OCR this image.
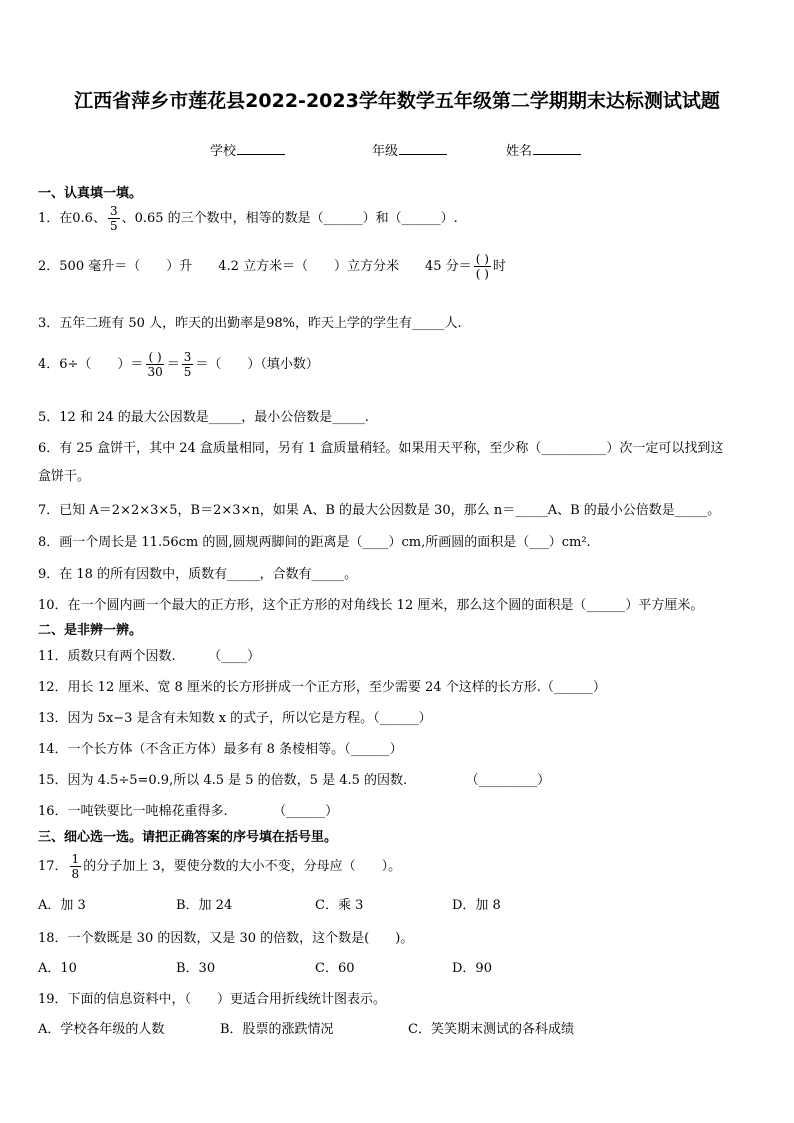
江西省萍乡市莲花县2022-2023学年数学五年级第二学期期末达标测试试题
学校	年级	姓名
一、认真填一填。
1．在0.6、 $\frac{3}{5}$ 、0.65 的三个数中，相等的数是（______）和（______）.
2．500 毫升＝（　　）升　　4.2 立方米＝（　　）立方分米　　45 分＝ $\frac{( )}{( )}$ 时
3．五年二班有 50 人，昨天的出勤率是98%，昨天上学的学生有_____人.
4．6÷（　　）＝ $\frac{( )}{30} = \frac{3}{5}$ ＝（　　）（填小数）
5．12 和 24 的最大公因数是_____，最小公倍数是_____.
6．有 25 盒饼干，其中 24 盒质量相同，另有 1 盒质量稍轻。如果用天平称，至少称（__________）次一定可以找到这
盒饼干。
7．已知 A＝2×2×3×5，B＝2×3×n，如果 A、B 的最大公因数是 30，那么 n＝_____A、B 的最小公倍数是_____。
8．画一个周长是 11.56cm 的圆,圆规两脚间的距离是（____）cm,所画圆的面积是（___）cm².
9．在 18 的所有因数中，质数有_____，合数有_____。
10．在一个圆内画一个最大的正方形，这个正方形的对角线长 12 厘米，那么这个圆的面积是（______）平方厘米。
二、是非辨一辨。
11．质数只有两个因数.　　　（____）
12．用长 12 厘米、宽 8 厘米的长方形拼成一个正方形，至少需要 24 个这样的长方形.（______）
13．因为 5x−3 是含有未知数 x 的式子，所以它是方程。（______）
14．一个长方体（不含正方体）最多有 8 条棱相等。（______）
15．因为 4.5÷5=0.9,所以 4.5 是 5 的倍数，5 是 4.5 的因数.　　　　　（_________）
16．一吨铁要比一吨棉花重得多.　　　　（______）
三、细心选一选。请把正确答案的序号填在括号里。
17． $\frac{1}{8}$ 的分子加上 3，要使分数的大小不变，分母应（　　）。
A．加 3	B．加 24	C．乘 3	D．加 8
18．一个数既是 30 的因数，又是 30 的倍数，这个数是(　　)。
A．10	B．30	C．60	D．90
19．下面的信息资料中，（　　）更适合用折线统计图表示。
A．学校各年级的人数	B．股票的涨跌情况	C．笑笑期末测试的各科成绩
